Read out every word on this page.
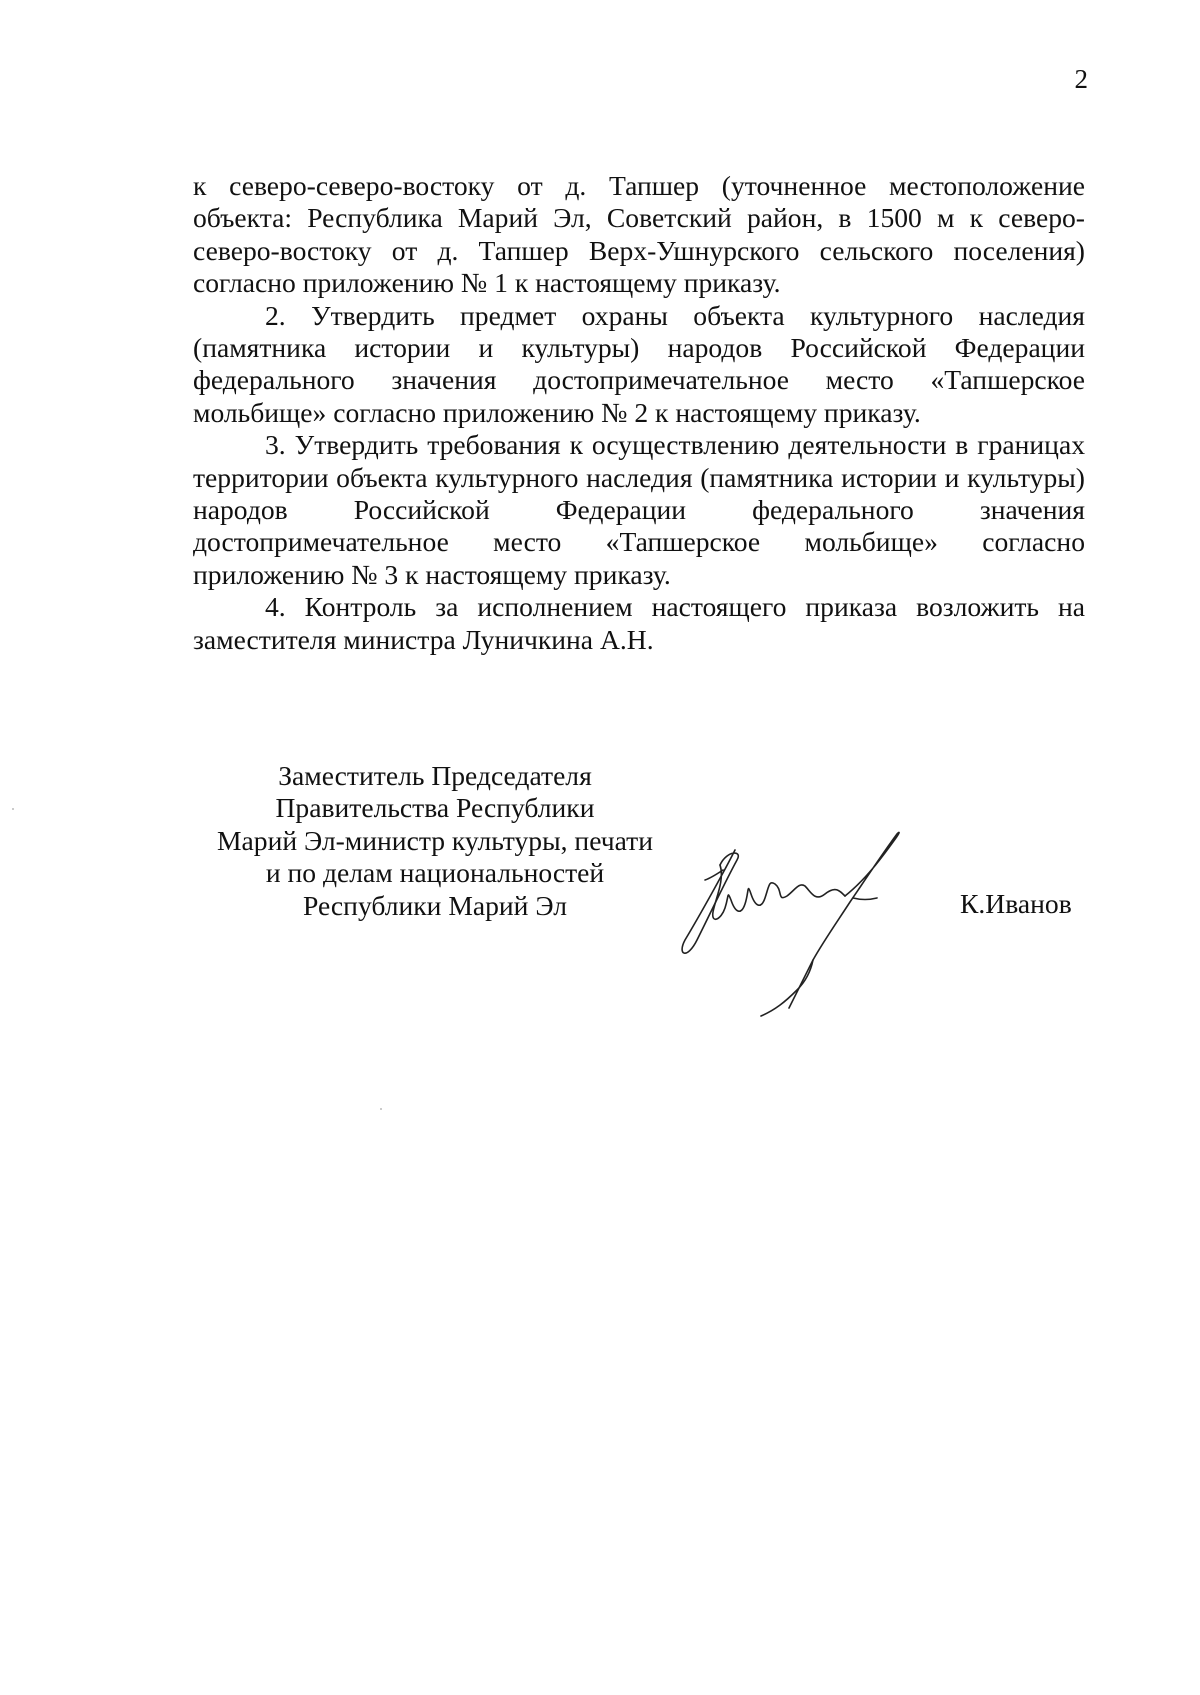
2

к северо-северо-востоку от д. Тапшер (уточненное местоположение объекта: Республика Марий Эл, Советский район, в 1500 м к северо-северо-востоку от д. Тапшер Верх-Ушнурского сельского поселения) согласно приложению № 1 к настоящему приказу.

2. Утвердить предмет охраны объекта культурного наследия (памятника истории и культуры) народов Российской Федерации федерального значения достопримечательное место «Тапшерское мольбище» согласно приложению № 2 к настоящему приказу.

3. Утвердить требования к осуществлению деятельности в границах территории объекта культурного наследия (памятника истории и культуры) народов Российской Федерации федерального значения достопримечательное место «Тапшерское мольбище» согласно приложению № 3 к настоящему приказу.

4. Контроль за исполнением настоящего приказа возложить на заместителя министра Луничкина А.Н.

Заместитель Председателя
Правительства Республики
Марий Эл-министр культуры, печати
и по делам национальностей
Республики Марий Эл	К.Иванов
